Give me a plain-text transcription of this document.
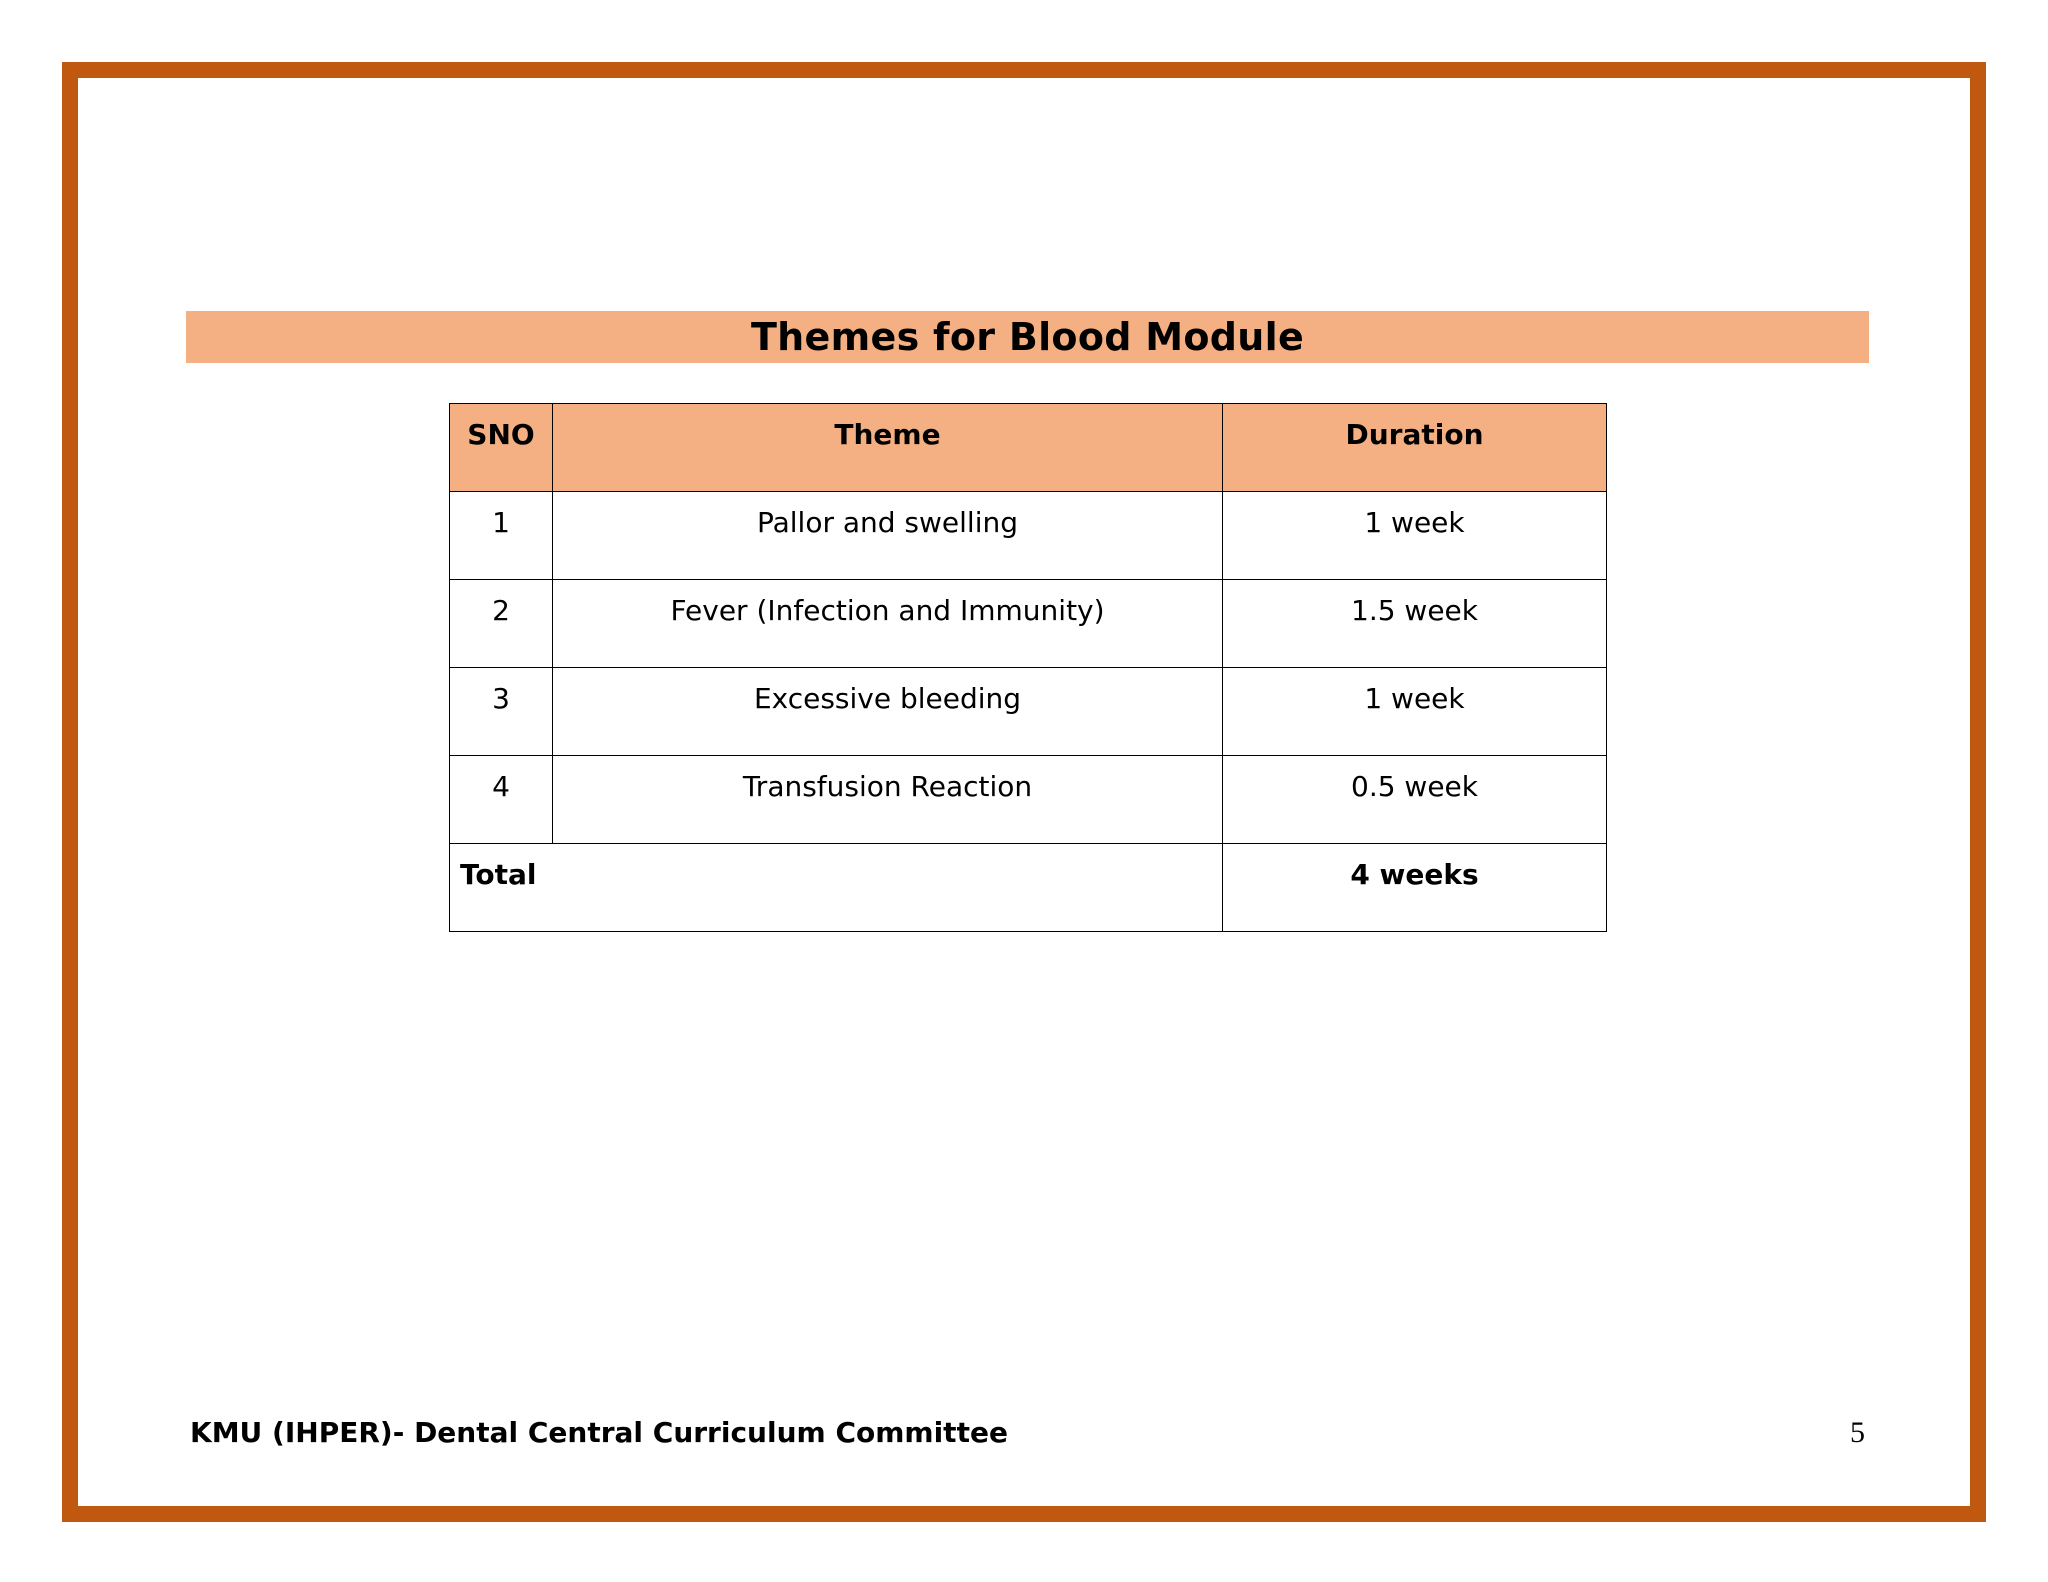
Themes for Blood Module
SNO	Theme	Duration
1	Pallor and swelling	1 week
2	Fever (Infection and Immunity)	1.5 week
3	Excessive bleeding	1 week
4	Transfusion Reaction	0.5 week
Total		4 weeks
KMU (IHPER)- Dental Central Curriculum Committee	5
